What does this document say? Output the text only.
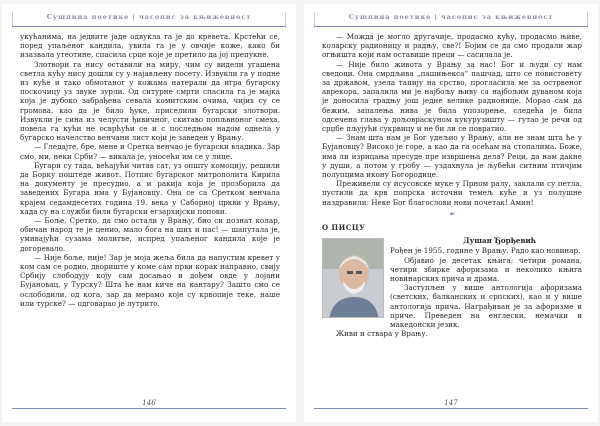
Сушпина поетике | часопис за књижевност

укућанима, на једвите јаде одвукла га је до кревета. Крстећи се, поред упаљеног кандила, увила га је у овчије коже, како би изазвала утеотине, спасила срце које је претило да јој препукне.

Злотвори га нису оставили на миру, чим су видели угашена светла кућу нису дошли су у најављену посету. Извукли га у подне из куће и тако обмотаног у кожама натерали да игра бугарску поскочицу уз звуке зурли. Од ситурне смрти спасила га је мајка која је дубоко забрађена севала комитским очима, чијих су се громова, као да је било ђуке, приселили бугарски злотвори. Извукли је сина из челусти ђивичног, скитаво попљвноног смеха, повела га кући не осврћући се и с последњом надом однела у бугарско начелство венчани лист који је заведен у Врању.

— Гледајте, бре, мене и Сретка венчао је бугарски владика. Зар смо, ми, неки Срби? — викала је, уносећи им се у лице.

Бугари су тада, већајући читав сат, уз општу комоцију, решили да Борку поштеде живот. Потпис бугарског митрополита Кирила на документу је пресудио, а и ракија која је прозборила да заведених Бугара има у Бујановцу. Она се са Сретком венчала крајем седамдесетих година 19. века у Саборној цркви у Врању, када су на служби били бугарски егзархијски попови.

— Боље, Сретко, да смо остали у Врању, био си познат колар, обичан народ те је ценио, мало бога на ших и пас! — шапутала је, умивајући сузама молитве, испред упаљеног кандила које је догоревало.

— Није боље, није! Зар је моја жеља била да напустим кревет у ком сам се родио, двориште у коме сам први корак направио, свију Србију слободују коју сам досањао и дођем овде у лојани Бујановац, у Турску? Шта ће нам киче на кантару? Зашто смо се ослободили, од кога, зар да мерамо које су крвопије теке, наше или турске? — одговарао је лутрито.

146
Сушпина поетике | часопис за књижевност

— Можда је могло другачије, продасмо кућу, продасмо њиве, коларску радионицу и радњу, све?! Бојим се да смо продали жар огњишта који нам оставише преци — сасилала је.

— Није било живота у Врању за нас! Бог и људи су нам сведоци. Она смрдљива „пашињекса“ пашчад, што се повистовету за државом, узела тапију на срство, прогласила ме за острвеног аврекора, запалила ми је најбољу њиву са најбољим дуваном која је доносила градњу још једне велике радионице. Морао сам да бежим, запалења нива је била упозорење, следећа је била одсечена глава у дољовраскуном кукурузишту — гутао је речи од срџбе пљујући сукрвицу и не би ли се повратио.

— Знам шта нам је Бог удељио у Врању, али не знам шта ће у Бујановцу? Високо је горе, а као да га осећам на стопалима. Боже, има ли изрицања пресуде пре извршења дела? Реци, да нам дакне у души, а потом у гробу — уздахнула је љубећи ситним птичјим полупцима икону Богородице.

Преживели су исусовске муке у Прном ралу, заклали су петла, пустили да крв попрска источни темељ куће и уз полушне наздравили: Неке Бог благослови нови почетак! Амин!

☙
О ПИСЦУ
Душан Ђорђевић

Рођен је 1955. године у Врању. Радо као новинар.

Објавио је десетак књига: четири романа, четири збирке афоризама и неколико књига новинарских прича и драма.

Заступљен у више антологија афоризама (светских, балканских и српских), као и у више антологија прича. Награђиван је за афоризме и приче. Преведен на енглески, немачки и македонски језик.

Живи и ствара у Врању.

147
